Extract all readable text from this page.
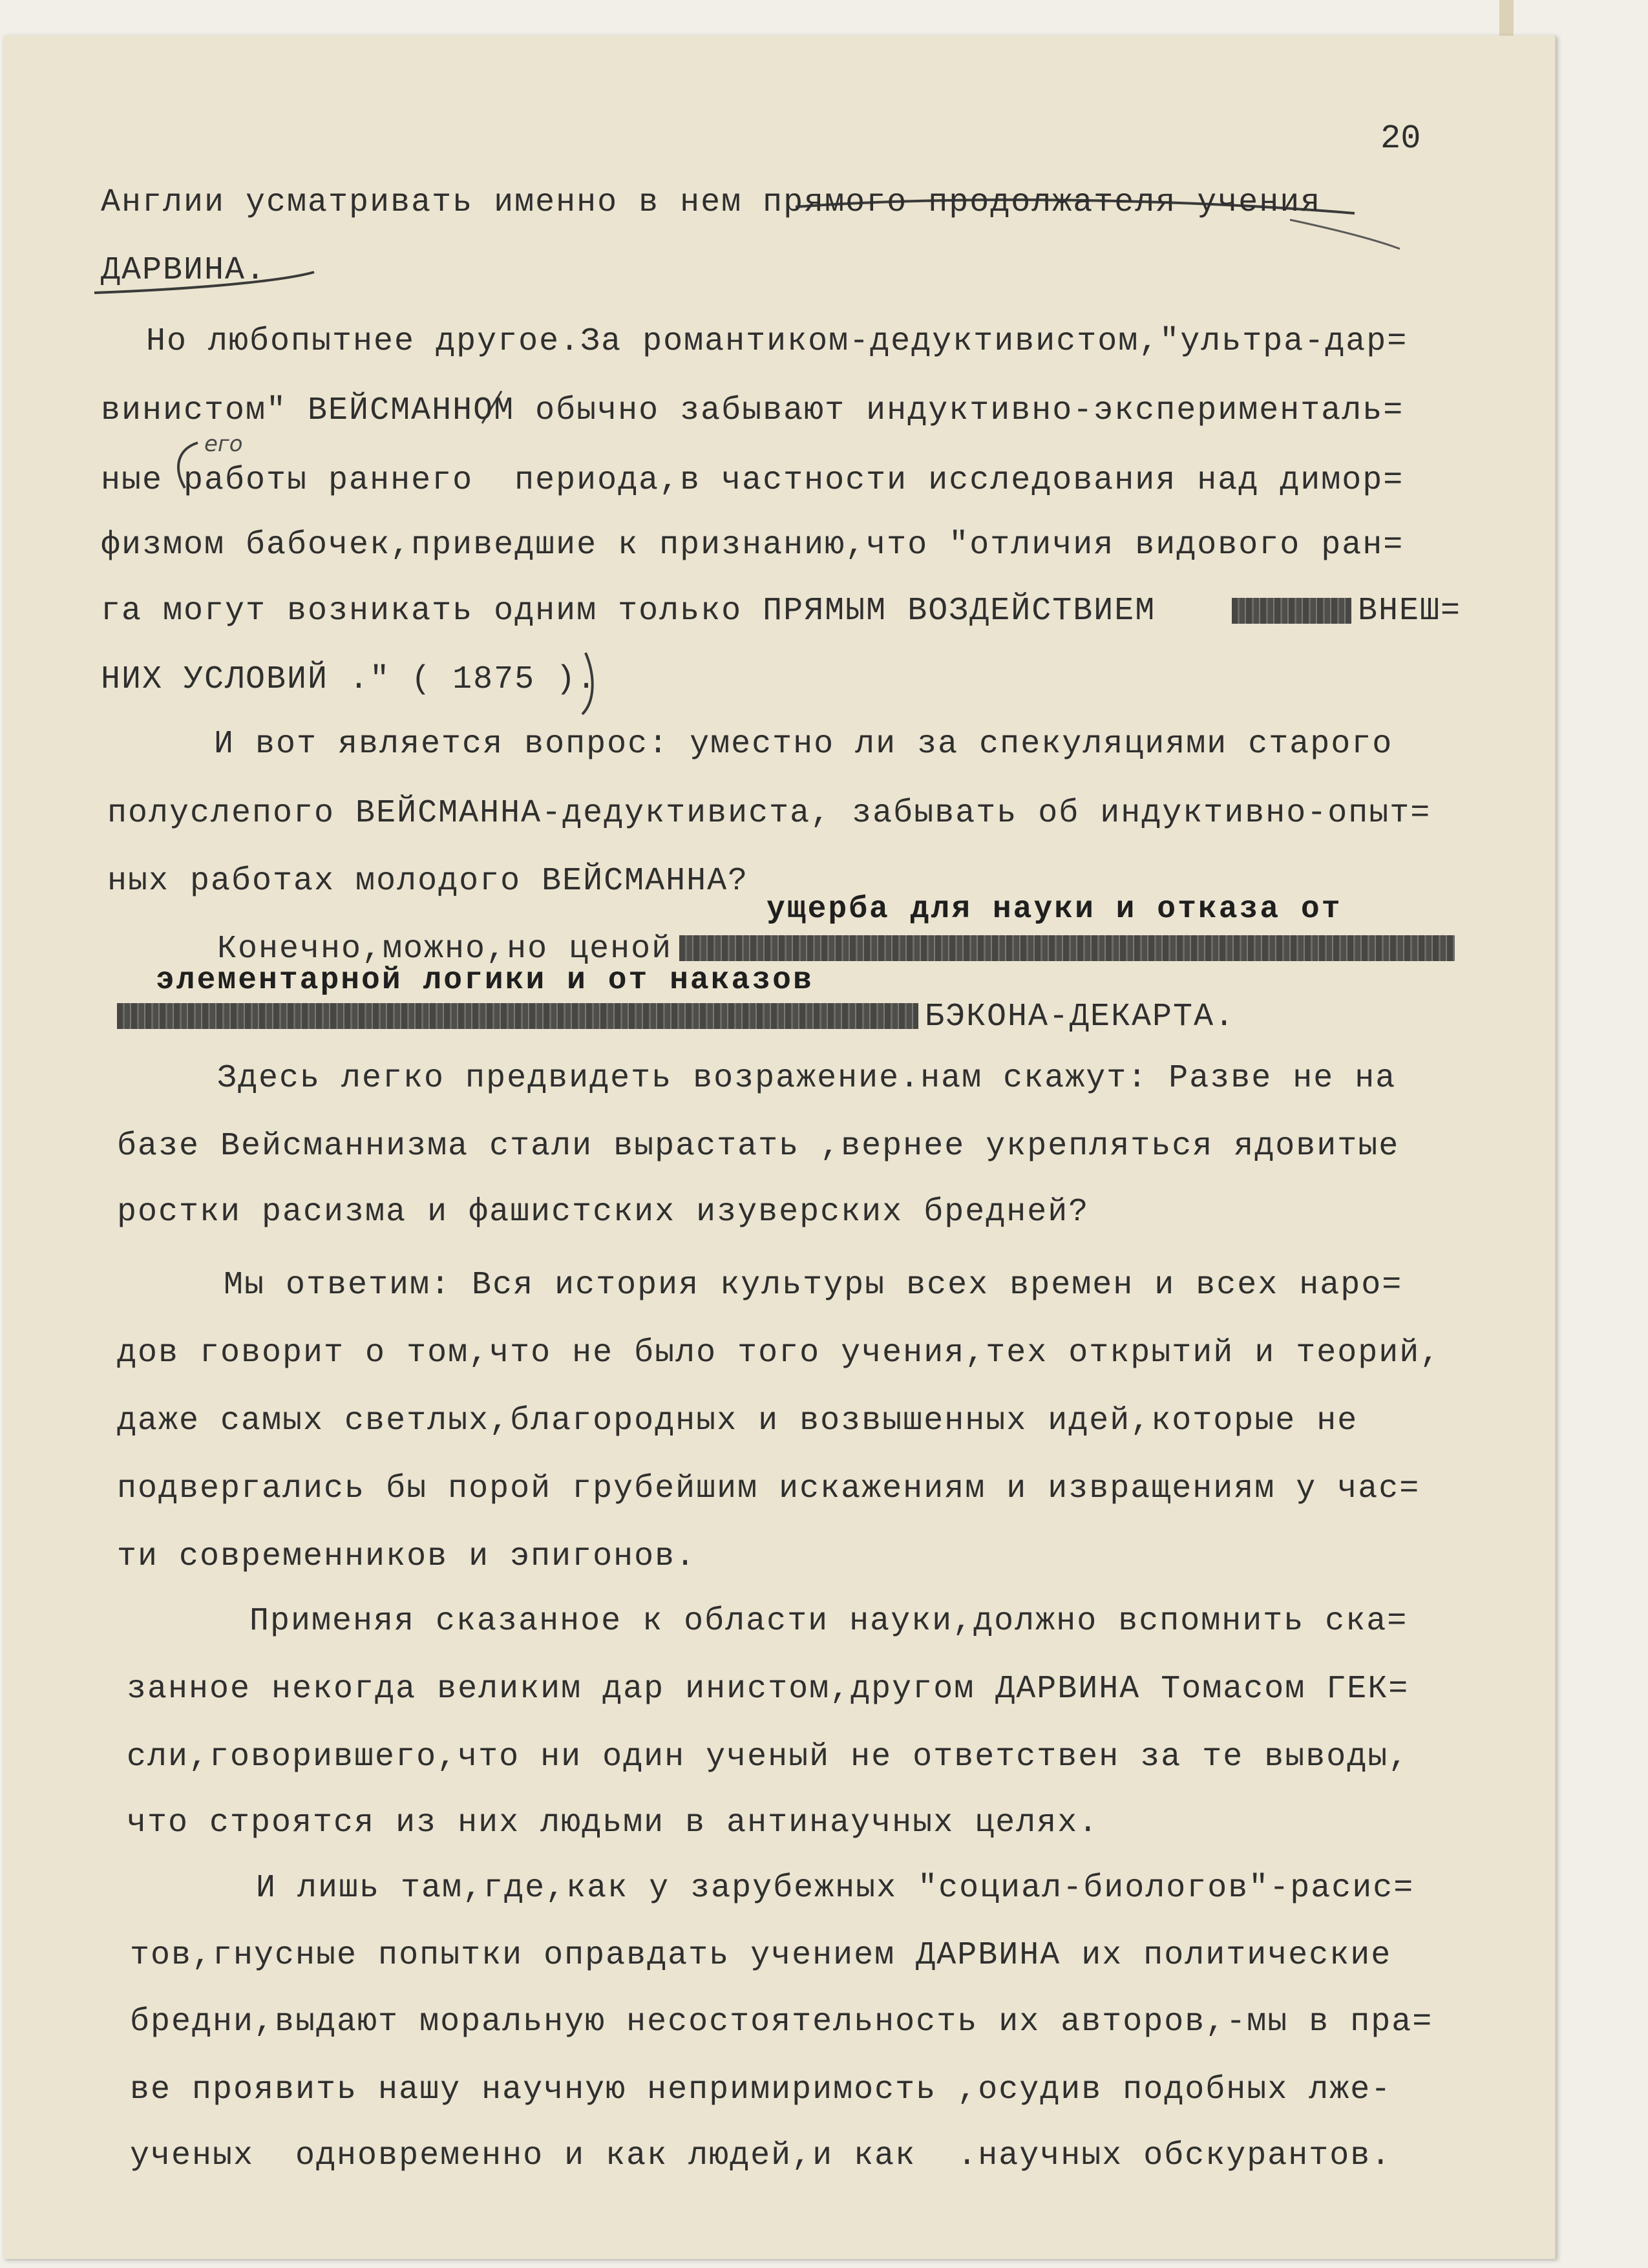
20
его
Англии усматривать именно в нем прямого продолжателя учения
ДАРВИНА.
Но любопытнее другое.За романтиком-дедуктивистом,"ультра-дар=
винистом" ВЕЙСМАННОМ обычно забывают индуктивно-эксперименталь=
ные работы раннего  периода,в частности исследования над димор=
физмом бабочек,приведшие к признанию,что "отличия видового ран=
га могут возникать одним только ПРЯМЫМ ВОЗДЕЙСТВИЕМ	ВНЕШ=
НИХ УСЛОВИЙ ." ( 1875 ).
И вот является вопрос: уместно ли за спекуляциями старого
полуслепого ВЕЙСМАННА-дедуктивиста, забывать об индуктивно-опыт=
ных работах молодого ВЕЙСМАННА?
ущерба для науки и отказа от
Конечно,можно,но ценой
элементарной логики и от наказов
БЭКОНА-ДЕКАРТА.
Здесь легко предвидеть возражение.нам скажут: Разве не на
базе Вейсманнизма стали вырастать ,вернее укрепляться ядовитые
ростки расизма и фашистских изуверских бредней?
Мы ответим: Вся история культуры всех времен и всех наро=
дов говорит о том,что не было того учения,тех открытий и теорий,
даже самых светлых,благородных и возвышенных идей,которые не
подвергались бы порой грубейшим искажениям и извращениям у час=
ти современников и эпигонов.
Применяя сказанное к области науки,должно вспомнить ска=
занное некогда великим дар инистом,другом ДАРВИНА Томасом ГЕК=
сли,говорившего,что ни один ученый не ответствен за те выводы,
что строятся из них людьми в антинаучных целях.
И лишь там,где,как у зарубежных "социал-биологов"-расис=
тов,гнусные попытки оправдать учением ДАРВИНА их политические
бредни,выдают моральную несостоятельность их авторов,-мы в пра=
ве проявить нашу научную непримиримость ,осудив подобных лже-
ученых  одновременно и как людей,и как  .научных обскурантов.
